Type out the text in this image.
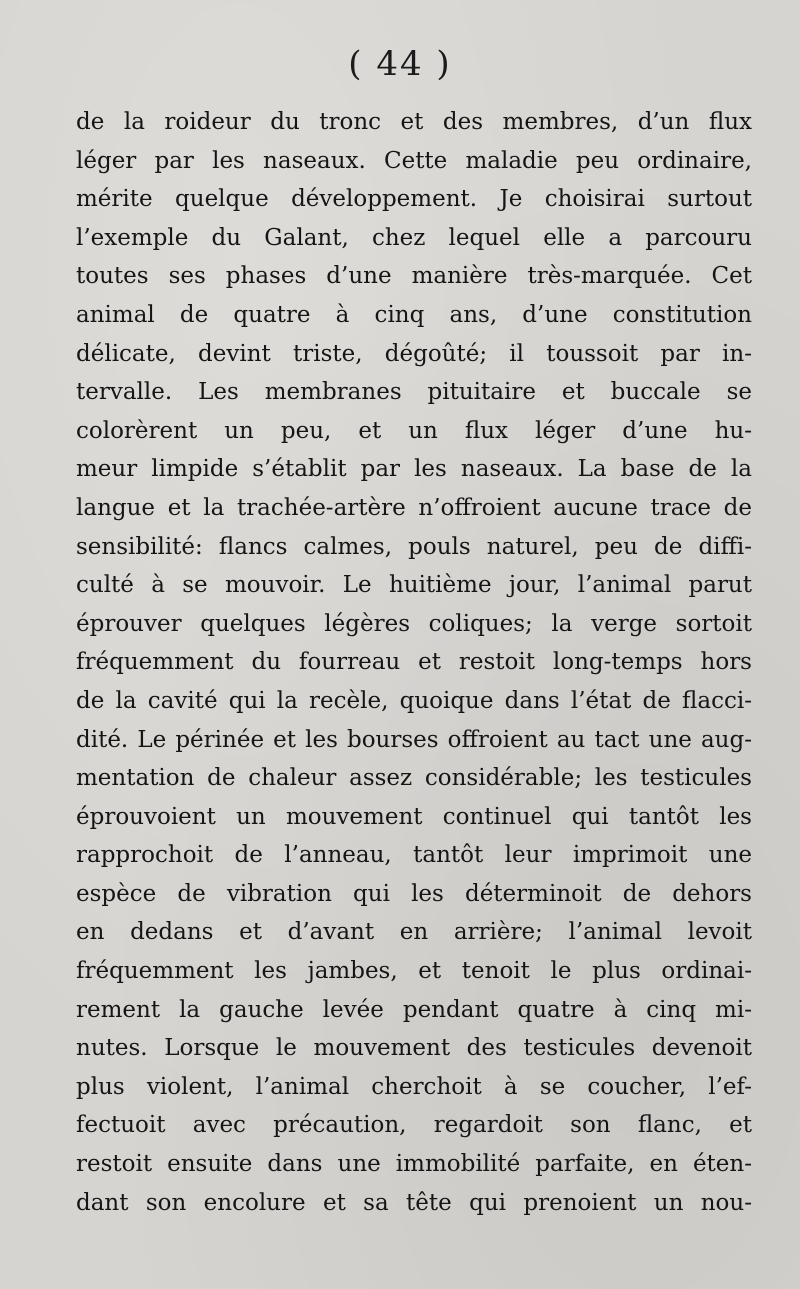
( 44 )
de la roideur du tronc et des membres, d’un flux
léger par les naseaux. Cette maladie peu ordinaire,
mérite quelque développement. Je choisirai surtout
l’exemple du Galant, chez lequel elle a parcouru
toutes ses phases d’une manière très-marquée. Cet
animal de quatre à cinq ans, d’une constitution
délicate, devint triste, dégoûté; il toussoit par in-
tervalle. Les membranes pituitaire et buccale se
colorèrent un peu, et un flux léger d’une hu-
meur limpide s’établit par les naseaux. La base de la
langue et la trachée-artère n’offroient aucune trace de
sensibilité: flancs calmes, pouls naturel, peu de diffi-
culté à se mouvoir. Le huitième jour, l’animal parut
éprouver quelques légères coliques; la verge sortoit
fréquemment du fourreau et restoit long-temps hors
de la cavité qui la recèle, quoique dans l’état de flacci-
dité. Le périnée et les bourses offroient au tact une aug-
mentation de chaleur assez considérable; les testicules
éprouvoient un mouvement continuel qui tantôt les
rapprochoit de l’anneau, tantôt leur imprimoit une
espèce de vibration qui les déterminoit de dehors
en dedans et d’avant en arrière; l’animal levoit
fréquemment les jambes, et tenoit le plus ordinai-
rement la gauche levée pendant quatre à cinq mi-
nutes. Lorsque le mouvement des testicules devenoit
plus violent, l’animal cherchoit à se coucher, l’ef-
fectuoit avec précaution, regardoit son flanc, et
restoit ensuite dans une immobilité parfaite, en éten-
dant son encolure et sa tête qui prenoient un nou-
